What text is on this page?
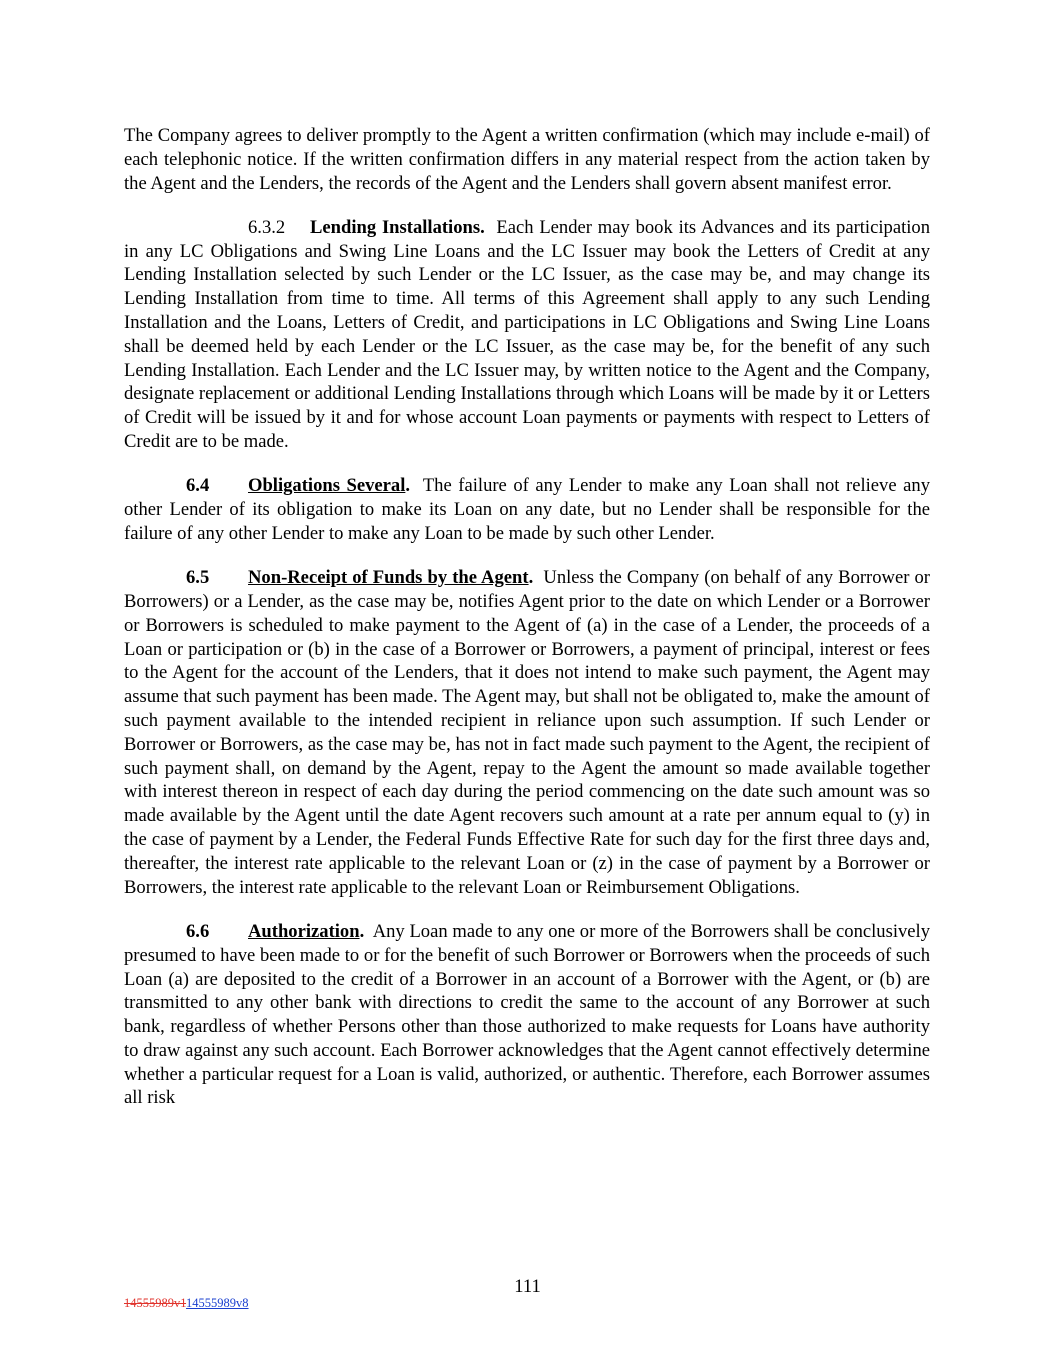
The Company agrees to deliver promptly to the Agent a written confirmation (which may include e-mail) of each telephonic notice. If the written confirmation differs in any material respect from the action taken by the Agent and the Lenders, the records of the Agent and the Lenders shall govern absent manifest error.

6.3.2 Lending Installations. Each Lender may book its Advances and its participation in any LC Obligations and Swing Line Loans and the LC Issuer may book the Letters of Credit at any Lending Installation selected by such Lender or the LC Issuer, as the case may be, and may change its Lending Installation from time to time. All terms of this Agreement shall apply to any such Lending Installation and the Loans, Letters of Credit, and participations in LC Obligations and Swing Line Loans shall be deemed held by each Lender or the LC Issuer, as the case may be, for the benefit of any such Lending Installation. Each Lender and the LC Issuer may, by written notice to the Agent and the Company, designate replacement or additional Lending Installations through which Loans will be made by it or Letters of Credit will be issued by it and for whose account Loan payments or payments with respect to Letters of Credit are to be made.

6.4 Obligations Several. The failure of any Lender to make any Loan shall not relieve any other Lender of its obligation to make its Loan on any date, but no Lender shall be responsible for the failure of any other Lender to make any Loan to be made by such other Lender.

6.5 Non-Receipt of Funds by the Agent. Unless the Company (on behalf of any Borrower or Borrowers) or a Lender, as the case may be, notifies Agent prior to the date on which Lender or a Borrower or Borrowers is scheduled to make payment to the Agent of (a) in the case of a Lender, the proceeds of a Loan or participation or (b) in the case of a Borrower or Borrowers, a payment of principal, interest or fees to the Agent for the account of the Lenders, that it does not intend to make such payment, the Agent may assume that such payment has been made. The Agent may, but shall not be obligated to, make the amount of such payment available to the intended recipient in reliance upon such assumption. If such Lender or Borrower or Borrowers, as the case may be, has not in fact made such payment to the Agent, the recipient of such payment shall, on demand by the Agent, repay to the Agent the amount so made available together with interest thereon in respect of each day during the period commencing on the date such amount was so made available by the Agent until the date Agent recovers such amount at a rate per annum equal to (y) in the case of payment by a Lender, the Federal Funds Effective Rate for such day for the first three days and, thereafter, the interest rate applicable to the relevant Loan or (z) in the case of payment by a Borrower or Borrowers, the interest rate applicable to the relevant Loan or Reimbursement Obligations.

6.6 Authorization. Any Loan made to any one or more of the Borrowers shall be conclusively presumed to have been made to or for the benefit of such Borrower or Borrowers when the proceeds of such Loan (a) are deposited to the credit of a Borrower in an account of a Borrower with the Agent, or (b) are transmitted to any other bank with directions to credit the same to the account of any Borrower at such bank, regardless of whether Persons other than those authorized to make requests for Loans have authority to draw against any such account. Each Borrower acknowledges that the Agent cannot effectively determine whether a particular request for a Loan is valid, authorized, or authentic. Therefore, each Borrower assumes all risk

111
14555989v114555989v8
